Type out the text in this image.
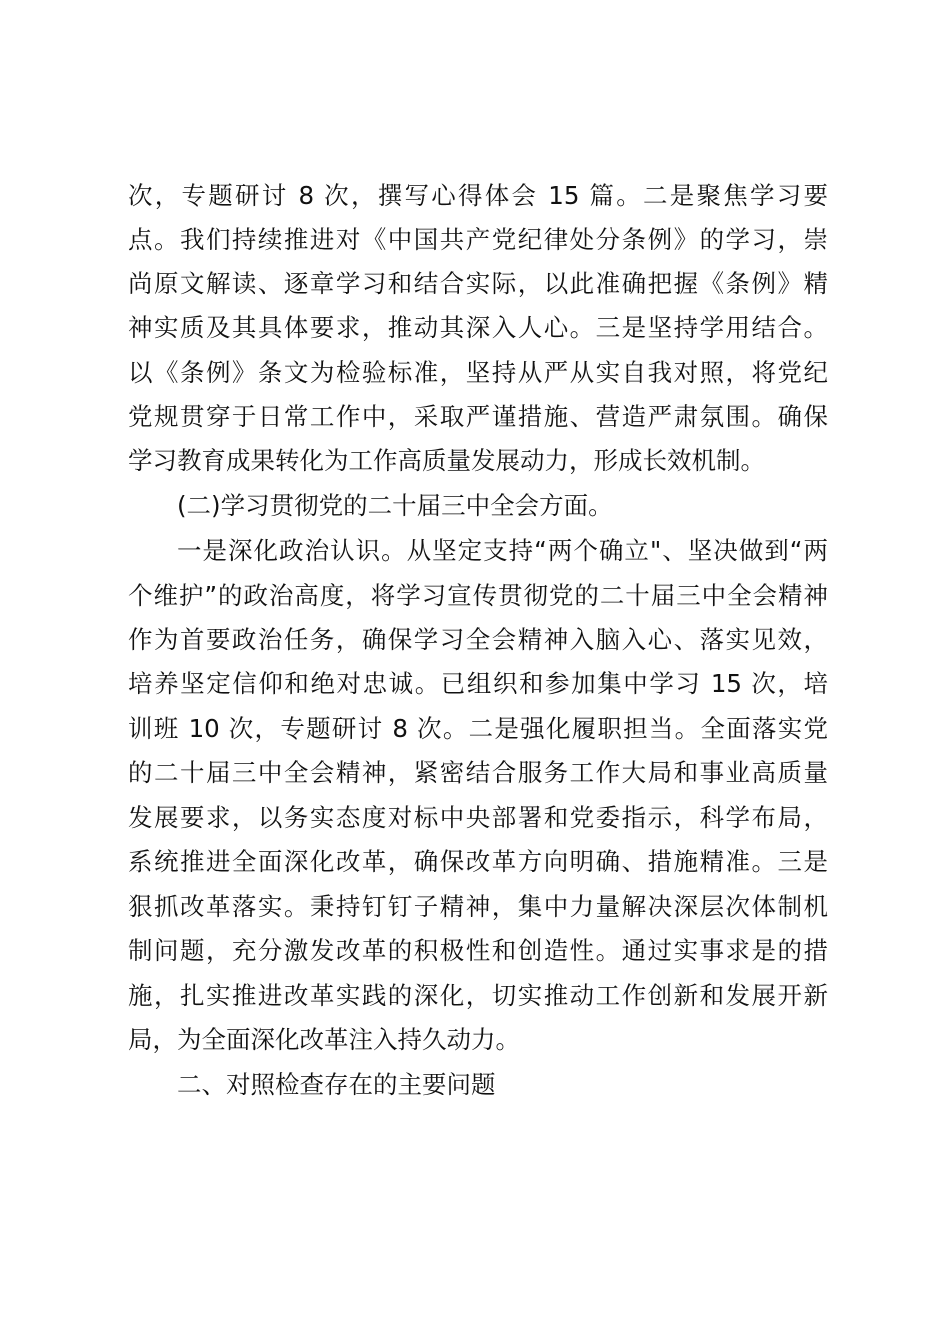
次，专题研讨 8 次，撰写心得体会 15 篇。二是聚焦学习要
点。我们持续推进对《中国共产党纪律处分条例》的学习，崇
尚原文解读、逐章学习和结合实际，以此准确把握《条例》精
神实质及其具体要求，推动其深入人心。三是坚持学用结合。
以《条例》条文为检验标准，坚持从严从实自我对照，将党纪
党规贯穿于日常工作中，采取严谨措施、营造严肃氛围。确保
学习教育成果转化为工作高质量发展动力，形成长效机制。
(二)学习贯彻党的二十届三中全会方面。
一是深化政治认识。从坚定支持“两个确立"、坚决做到“两
个维护”的政治高度，将学习宣传贯彻党的二十届三中全会精神
作为首要政治任务，确保学习全会精神入脑入心、落实见效，
培养坚定信仰和绝对忠诚。已组织和参加集中学习 15 次，培
训班 10 次，专题研讨 8 次。二是强化履职担当。全面落实党
的二十届三中全会精神，紧密结合服务工作大局和事业高质量
发展要求，以务实态度对标中央部署和党委指示，科学布局，
系统推进全面深化改革，确保改革方向明确、措施精准。三是
狠抓改革落实。秉持钉钉子精神，集中力量解决深层次体制机
制问题，充分激发改革的积极性和创造性。通过实事求是的措
施，扎实推进改革实践的深化，切实推动工作创新和发展开新
局，为全面深化改革注入持久动力。
二、对照检查存在的主要问题
